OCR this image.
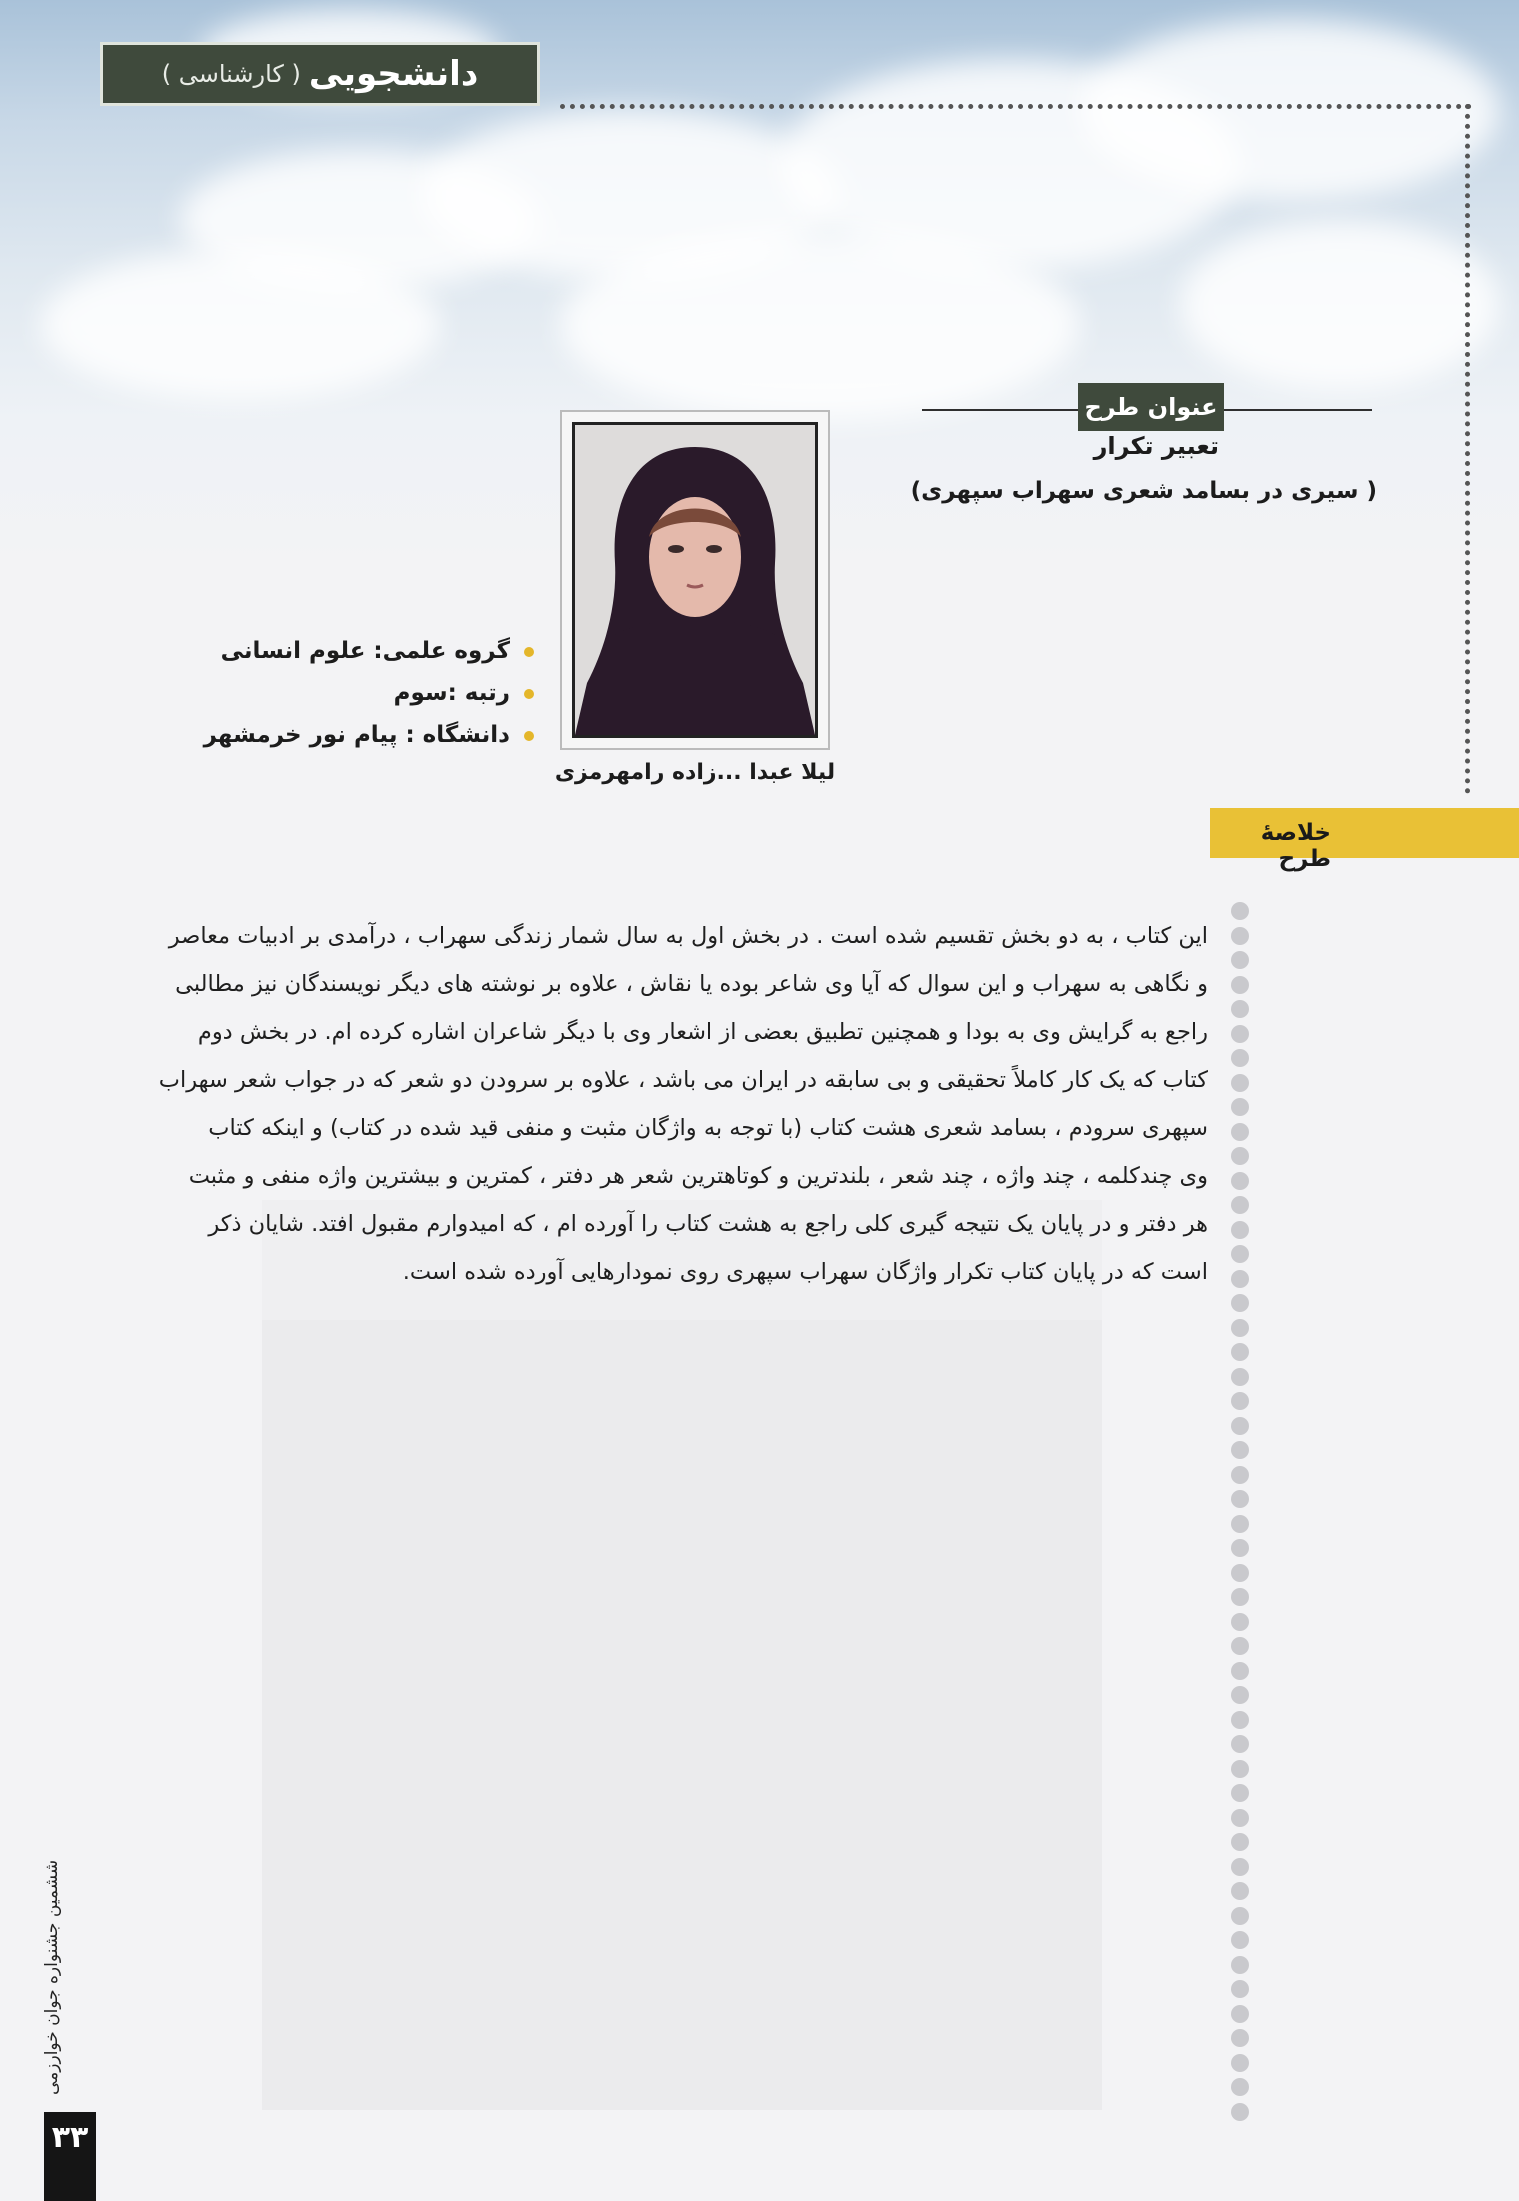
دانشجویی
( کارشناسی )
عنوان طرح
تعبیر تکرار
( سیری در بسامد شعری سهراب سپهری)
لیلا عبدا ...زاده رامهرمزی
گروه علمی: علوم انسانی
رتبه :سوم
دانشگاه : پیام نور خرمشهر
خلاصهٔ طرح
این کتاب ، به دو بخش تقسیم شده است . در بخش اول به سال شمار زندگی سهراب ، درآمدی بر ادبیات معاصر
و نگاهی به سهراب و این سوال که آیا وی شاعر بوده یا نقاش ، علاوه بر نوشته های دیگر نویسندگان نیز مطالبی
راجع به گرایش وی به بودا و همچنین تطبیق بعضی از اشعار وی با دیگر شاعران اشاره کرده ام. در بخش دوم
کتاب که یک کار کاملاً تحقیقی و بی سابقه در ایران می باشد ، علاوه بر سرودن دو شعر که در جواب شعر سهراب
سپهری سرودم ، بسامد شعری هشت کتاب (با توجه به واژگان مثبت و منفی قید شده در کتاب) و اینکه کتاب
وی چندکلمه ، چند واژه ، چند شعر ، بلندترین و کوتاهترین شعر هر دفتر ، کمترین و بیشترین واژه منفی و مثبت
هر دفتر و در پایان یک نتیجه گیری کلی راجع به هشت کتاب را آورده ام ، که امیدوارم مقبول افتد. شایان ذکر
است که در پایان کتاب تکرار واژگان سهراب سپهری روی نمودارهایی آورده شده است.
ششمین جشنواره جوان خوارزمی
۳۳
